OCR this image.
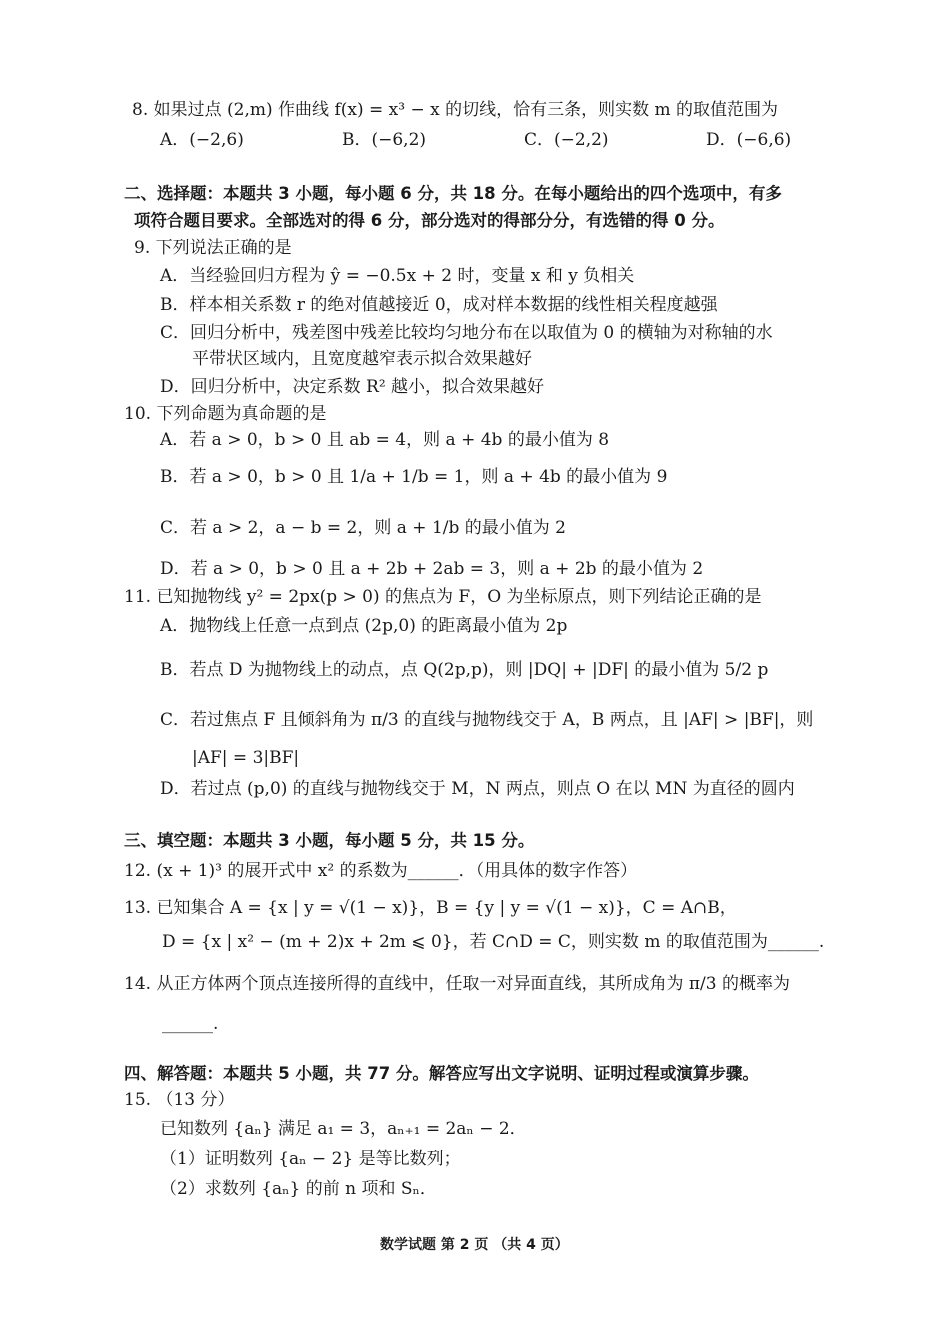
8. 如果过点 (2,m) 作曲线 f(x) = x³ − x 的切线，恰有三条，则实数 m 的取值范围为
A．(−2,6)	B．(−6,2)	C．(−2,2)	D．(−6,6)
二、选择题：本题共 3 小题，每小题 6 分，共 18 分。在每小题给出的四个选项中，有多
项符合题目要求。全部选对的得 6 分，部分选对的得部分分，有选错的得 0 分。
9. 下列说法正确的是
A．当经验回归方程为 ŷ = −0.5x + 2 时，变量 x 和 y 负相关
B．样本相关系数 r 的绝对值越接近 0，成对样本数据的线性相关程度越强
C．回归分析中，残差图中残差比较均匀地分布在以取值为 0 的横轴为对称轴的水
平带状区域内，且宽度越窄表示拟合效果越好
D．回归分析中，决定系数 R² 越小，拟合效果越好
10. 下列命题为真命题的是
A．若 a > 0，b > 0 且 ab = 4，则 a + 4b 的最小值为 8
B．若 a > 0，b > 0 且 1/a + 1/b = 1，则 a + 4b 的最小值为 9
C．若 a > 2，a − b = 2，则 a + 1/b 的最小值为 2
D．若 a > 0，b > 0 且 a + 2b + 2ab = 3，则 a + 2b 的最小值为 2
11. 已知抛物线 y² = 2px(p > 0) 的焦点为 F，O 为坐标原点，则下列结论正确的是
A．抛物线上任意一点到点 (2p,0) 的距离最小值为 2p
B．若点 D 为抛物线上的动点，点 Q(2p,p)，则 |DQ| + |DF| 的最小值为 5/2 p
C．若过焦点 F 且倾斜角为 π/3 的直线与抛物线交于 A，B 两点，且 |AF| > |BF|，则
|AF| = 3|BF|
D．若过点 (p,0) 的直线与抛物线交于 M，N 两点，则点 O 在以 MN 为直径的圆内
三、填空题：本题共 3 小题，每小题 5 分，共 15 分。
12. (x + 1)³ 的展开式中 x² 的系数为______．（用具体的数字作答）
13. 已知集合 A = {x | y = √(1 − x)}，B = {y | y = √(1 − x)}，C = A∩B，
D = {x | x² − (m + 2)x + 2m ⩽ 0}，若 C∩D = C，则实数 m 的取值范围为______.
14. 从正方体两个顶点连接所得的直线中，任取一对异面直线，其所成角为 π/3 的概率为
______.
四、解答题：本题共 5 小题，共 77 分。解答应写出文字说明、证明过程或演算步骤。
15. （13 分）
已知数列 {aₙ} 满足 a₁ = 3，aₙ₊₁ = 2aₙ − 2．
（1）证明数列 {aₙ − 2} 是等比数列；
（2）求数列 {aₙ} 的前 n 项和 Sₙ．
数学试题 第 2 页 （共 4 页）
